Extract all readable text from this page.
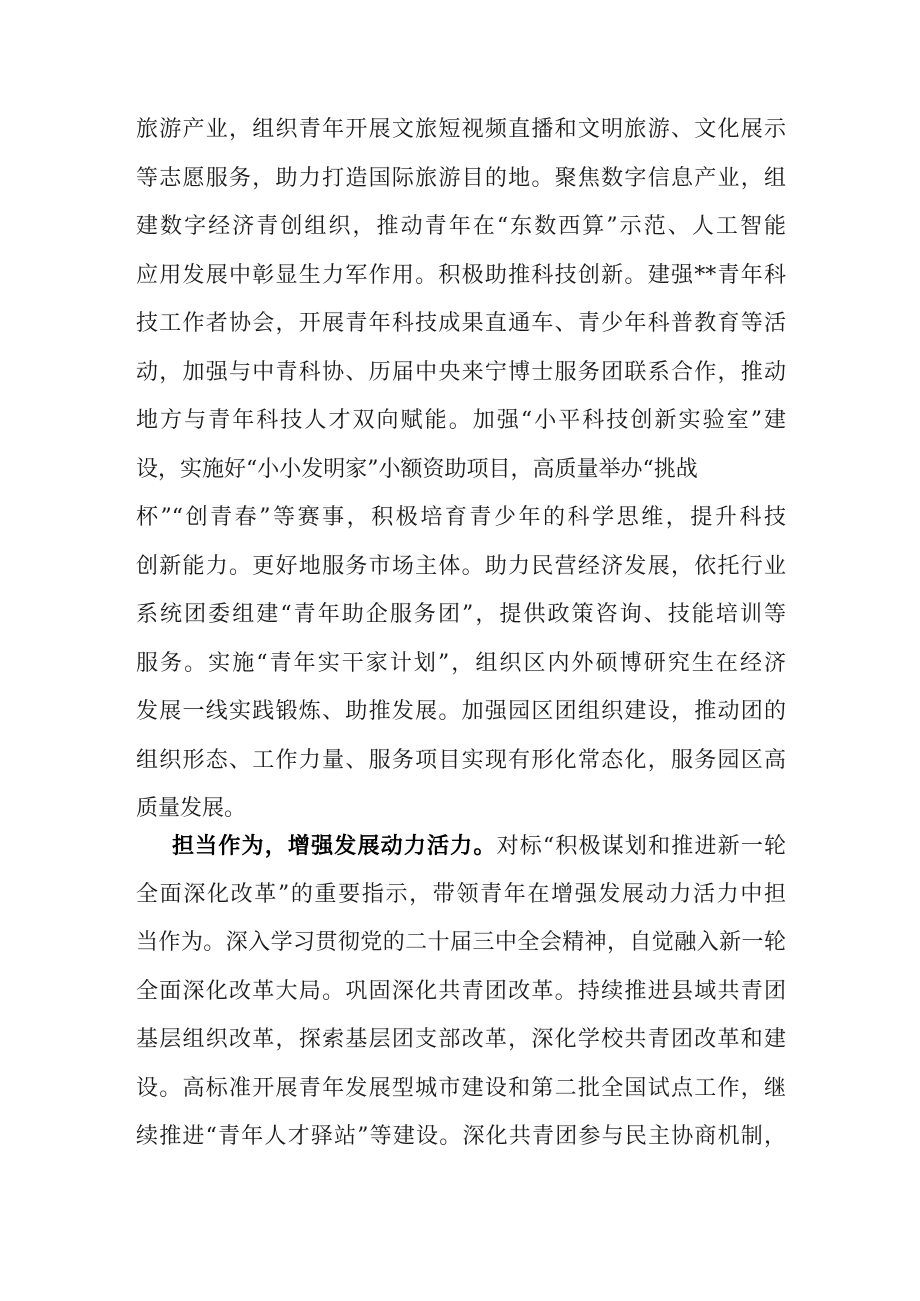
旅游产业，组织青年开展文旅短视频直播和文明旅游、文化展示
等志愿服务，助力打造国际旅游目的地。聚焦数字信息产业，组
建数字经济青创组织，推动青年在“东数西算”示范、人工智能
应用发展中彰显生力军作用。积极助推科技创新。建强**青年科
技工作者协会，开展青年科技成果直通车、青少年科普教育等活
动，加强与中青科协、历届中央来宁博士服务团联系合作，推动
地方与青年科技人才双向赋能。加强“小平科技创新实验室”建
设，实施好“小小发明家”小额资助项目，高质量举办“挑战
杯”“创青春”等赛事，积极培育青少年的科学思维，提升科技
创新能力。更好地服务市场主体。助力民营经济发展，依托行业
系统团委组建“青年助企服务团”，提供政策咨询、技能培训等
服务。实施“青年实干家计划”，组织区内外硕博研究生在经济
发展一线实践锻炼、助推发展。加强园区团组织建设，推动团的
组织形态、工作力量、服务项目实现有形化常态化，服务园区高
质量发展。
担当作为，增强发展动力活力。对标“积极谋划和推进新一轮
全面深化改革”的重要指示，带领青年在增强发展动力活力中担
当作为。深入学习贯彻党的二十届三中全会精神，自觉融入新一轮
全面深化改革大局。巩固深化共青团改革。持续推进县域共青团
基层组织改革，探索基层团支部改革，深化学校共青团改革和建
设。高标准开展青年发展型城市建设和第二批全国试点工作，继
续推进“青年人才驿站”等建设。深化共青团参与民主协商机制，
